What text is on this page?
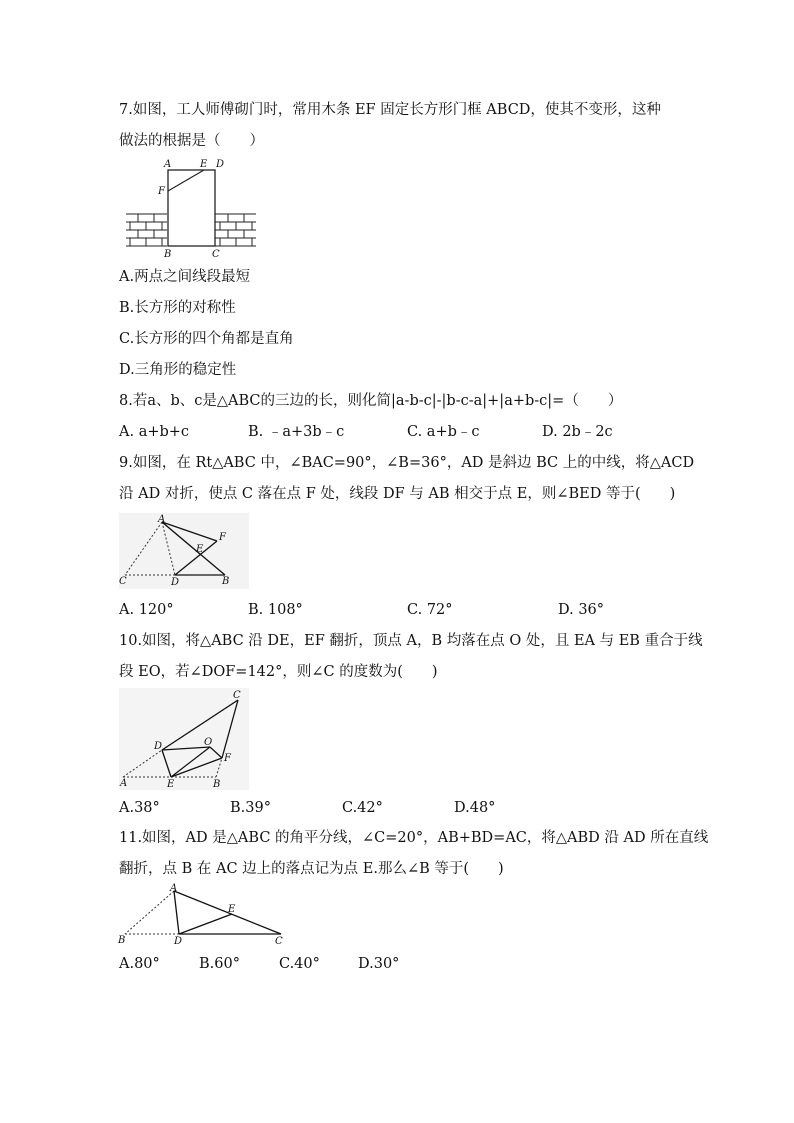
7.如图，工人师傅砌门时，常用木条 EF 固定长方形门框 ABCD，使其不变形，这种
做法的根据是（　　）
A	E D
F
B	C
A.两点之间线段最短
B.长方形的对称性
C.长方形的四个角都是直角
D.三角形的稳定性
8.若a、b、c是△ABC的三边的长，则化简|a-b-c|-|b-c-a|+|a+b-c|=（　　）
A. a+b+c	B. ﹣a+3b﹣c	C. a+b﹣c	D. 2b﹣2c
9.如图，在 Rt△ABC 中，∠BAC=90°，∠B=36°，AD 是斜边 BC 上的中线，将△ACD
沿 AD 对折，使点 C 落在点 F 处，线段 DF 与 AB 相交于点 E，则∠BED 等于(　　)
A
F
E
C	D	B
A. 120°	B. 108°	C. 72°	D. 36°
10.如图，将△ABC 沿 DE，EF 翻折，顶点 A，B 均落在点 O 处，且 EA 与 EB 重合于线
段 EO，若∠DOF=142°，则∠C 的度数为(　　)
C
D	O
F
A	E	B
A.38°	B.39°	C.42°	D.48°
11.如图，AD 是△ABC 的角平分线，∠C=20°，AB+BD=AC，将△ABD 沿 AD 所在直线
翻折，点 B 在 AC 边上的落点记为点 E.那么∠B 等于(　　)
A
E
B	D	C
A.80°	B.60°	C.40°	D.30°
